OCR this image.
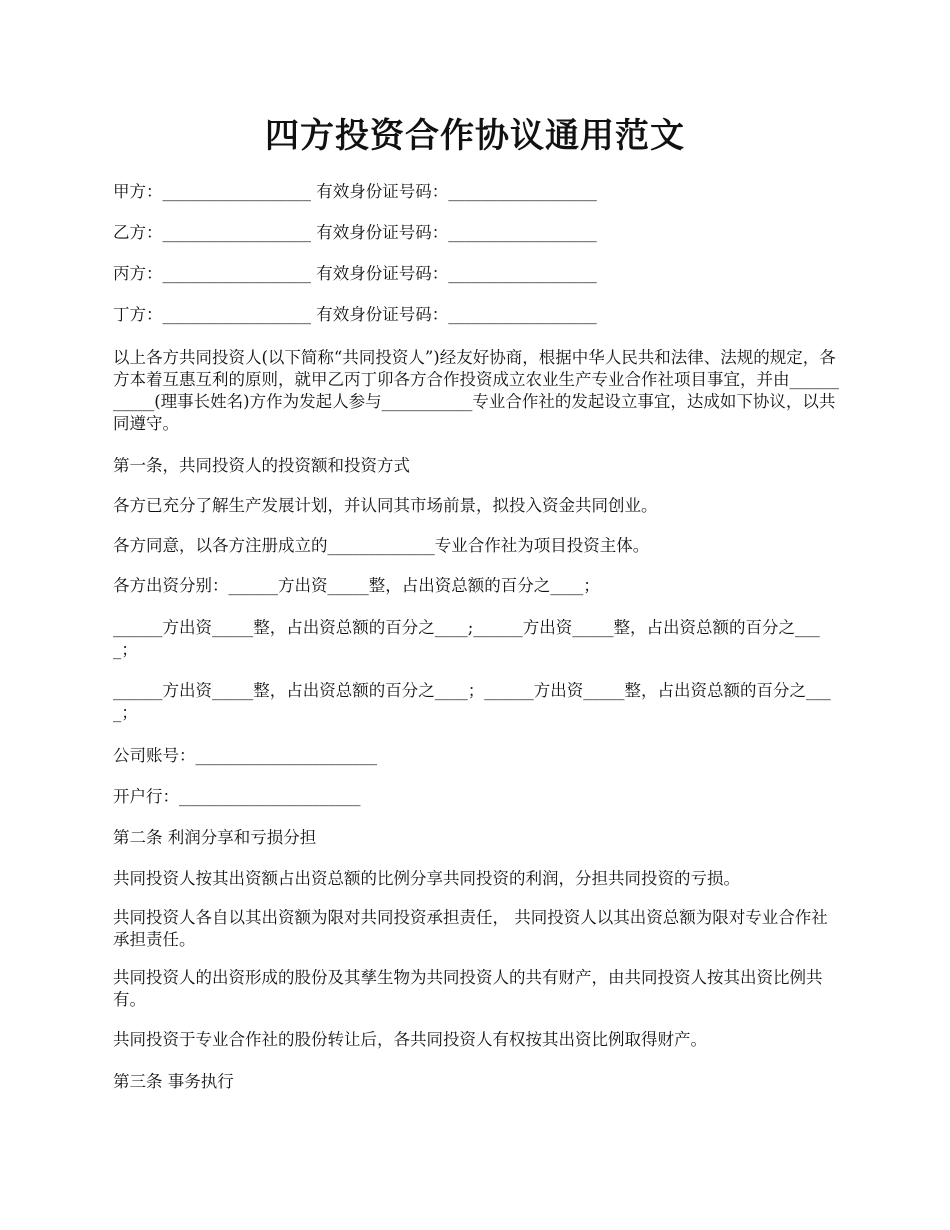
四方投资合作协议通用范文

甲方：__________________ 有效身份证号码：__________________

乙方：__________________ 有效身份证号码：__________________

丙方：__________________ 有效身份证号码：__________________

丁方：__________________ 有效身份证号码：__________________

以上各方共同投资人(以下简称“共同投资人”)经友好协商，根据中华人民共和法律、法规的规定，各方本着互惠互利的原则，就甲乙丙丁卯各方合作投资成立农业生产专业合作社项目事宜，并由___________(理事长姓名)方作为发起人参与___________专业合作社的发起设立事宜，达成如下协议，以共同遵守。

第一条，共同投资人的投资额和投资方式

各方已充分了解生产发展计划，并认同其市场前景，拟投入资金共同创业。

各方同意，以各方注册成立的_____________专业合作社为项目投资主体。

各方出资分别：______方出资_____整，占出资总额的百分之____；

______方出资_____整，占出资总额的百分之____;______方出资_____整，占出资总额的百分之____；

______方出资_____整，占出资总额的百分之____；______方出资_____整，占出资总额的百分之____；

公司账号：______________________

开户行：______________________

第二条 利润分享和亏损分担

共同投资人按其出资额占出资总额的比例分享共同投资的利润，分担共同投资的亏损。

共同投资人各自以其出资额为限对共同投资承担责任， 共同投资人以其出资总额为限对专业合作社承担责任。

共同投资人的出资形成的股份及其孳生物为共同投资人的共有财产，由共同投资人按其出资比例共有。

共同投资于专业合作社的股份转让后，各共同投资人有权按其出资比例取得财产。

第三条 事务执行
